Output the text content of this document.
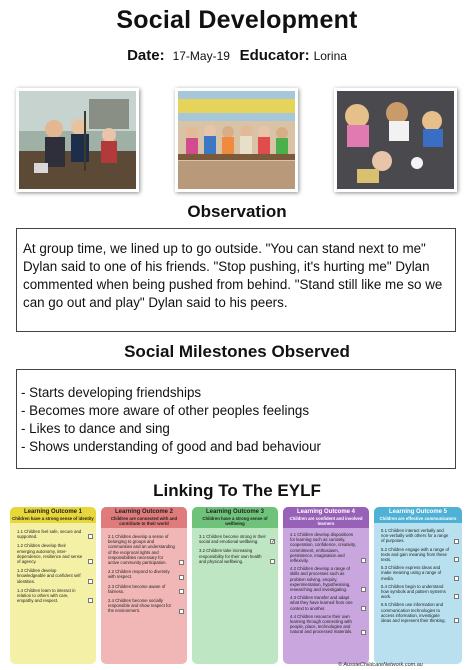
Social Development
Date: 17-May-19 Educator: Lorina
Observation
At group time, we lined up to go outside. "You can stand next to me"
Dylan said to one of his friends. "Stop pushing, it's hurting me" Dylan
commented when being pushed from behind. "Stand still like me so we
can go out and play" Dylan said to his peers.
Social Milestones Observed
- Starts developing friendships
- Becomes more aware of other peoples feelings
- Likes to dance and sing
- Shows understanding of good and bad behaviour
Linking To The EYLF
Learning Outcome 1
Children have a strong sense of identity
1.1 Children feel safe, secure and supported.
1.2 Children develop their emerging autonomy, inter-dependence, resilience and sense of agency.
1.3 Children develop knowledgeable and confident self identities.
1.4 Children learn to interact in relation to others with care, empathy and respect.
Learning Outcome 2
Children are connected with and contribute to their world
2.1 Children develop a sense of belonging to groups and communities and an understanding of the reciprocal rights and responsibilities necessary for active community participation.
2.2 Children respond to diversity with respect.
2.3 Children become aware of fairness.
2.4 Children become socially responsible and show respect for the environment.
Learning Outcome 3
Children have a strong sense of wellbeing
3.1 Children become strong in their social and emotional wellbeing.	✓
3.2 Children take increasing responsibility for their own health and physical wellbeing.
Learning Outcome 4
Children are confident and involved learners
4.1 Children develop dispositions for learning such as curiosity, cooperation, confidence, creativity, commitment, enthusiasm, persistence, imagination and reflexivity.
4.2 Children develop a range of skills and processes such as problem solving, enquiry, experimentation, hypothesising, researching and investigating.
4.3 Children transfer and adapt what they have learned from one context to another.
4.4 Children resource their own learning through connecting with people, place, technologies and natural and processed materials.
Learning Outcome 5
Children are effective communicators
5.1 Children interact verbally and non-verbally with others for a range of purposes.
5.2 Children engage with a range of texts and gain meaning from these texts.
5.3 Children express ideas and make meaning using a range of media.
5.4 Children begin to understand how symbols and pattern systems work.
5.5 Children use information and communication technologies to access information, investigate ideas and represent their thinking.
© AussieChildcareNetwork.com.au
